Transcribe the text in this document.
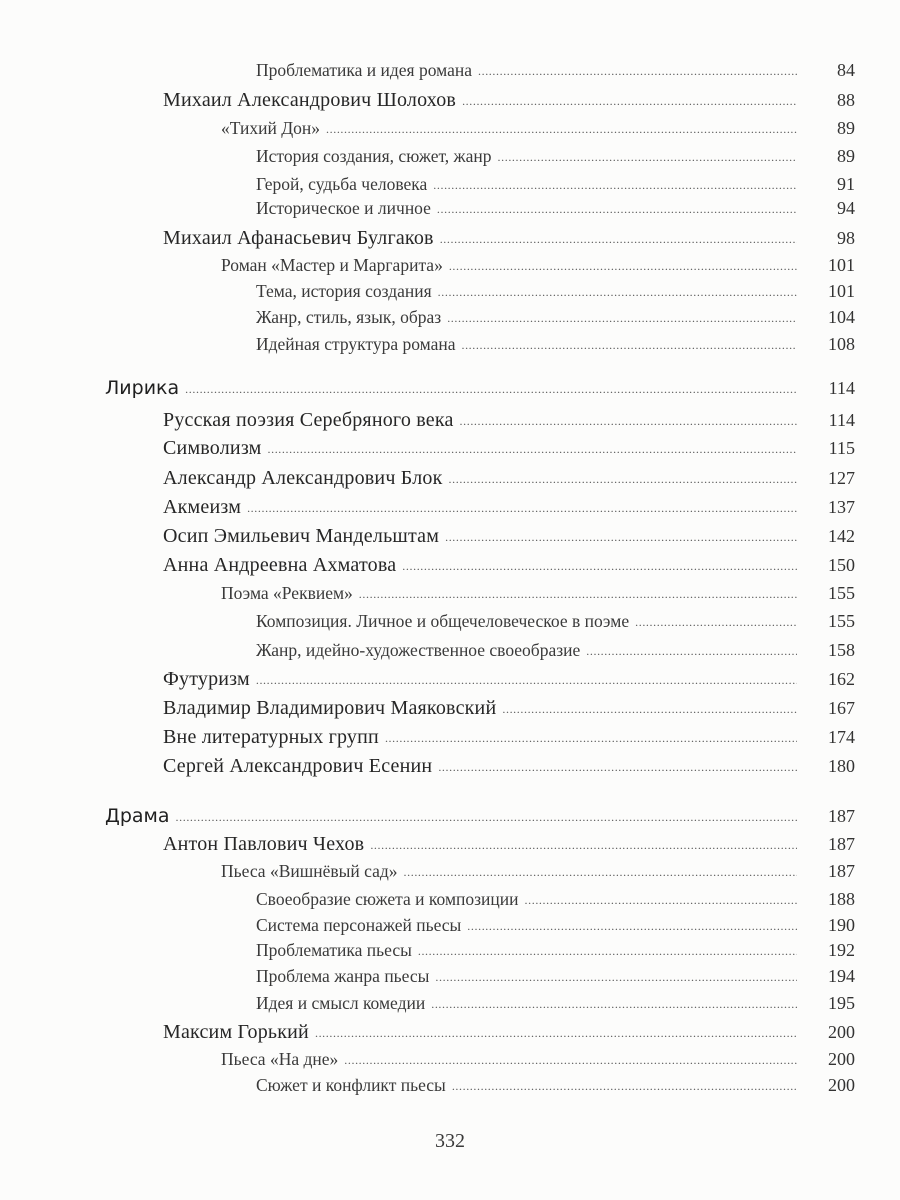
Проблематика и идея романа .....	84
Михаил Александрович Шолохов .....	88
«Тихий Дон» .....	89
История создания, сюжет, жанр .....	89
Герой, судьба человека .....	91
Историческое и личное .....	94
Михаил Афанасьевич Булгаков .....	98
Роман «Мастер и Маргарита» .....	101
Тема, история создания .....	101
Жанр, стиль, язык, образ .....	104
Идейная структура романа .....	108
Лирика .....	114
Русская поэзия Серебряного века .....	114
Символизм .....	115
Александр Александрович Блок .....	127
Акмеизм .....	137
Осип Эмильевич Мандельштам .....	142
Анна Андреевна Ахматова .....	150
Поэма «Реквием» .....	155
Композиция. Личное и общечеловеческое в поэме .....	155
Жанр, идейно-художественное своеобразие .....	158
Футуризм .....	162
Владимир Владимирович Маяковский .....	167
Вне литературных групп .....	174
Сергей Александрович Есенин .....	180
Драма .....	187
Антон Павлович Чехов .....	187
Пьеса «Вишнёвый сад» .....	187
Своеобразие сюжета и композиции .....	188
Система персонажей пьесы .....	190
Проблематика пьесы .....	192
Проблема жанра пьесы .....	194
Идея и смысл комедии .....	195
Максим Горький .....	200
Пьеса «На дне» .....	200
Сюжет и конфликт пьесы .....	200
332
